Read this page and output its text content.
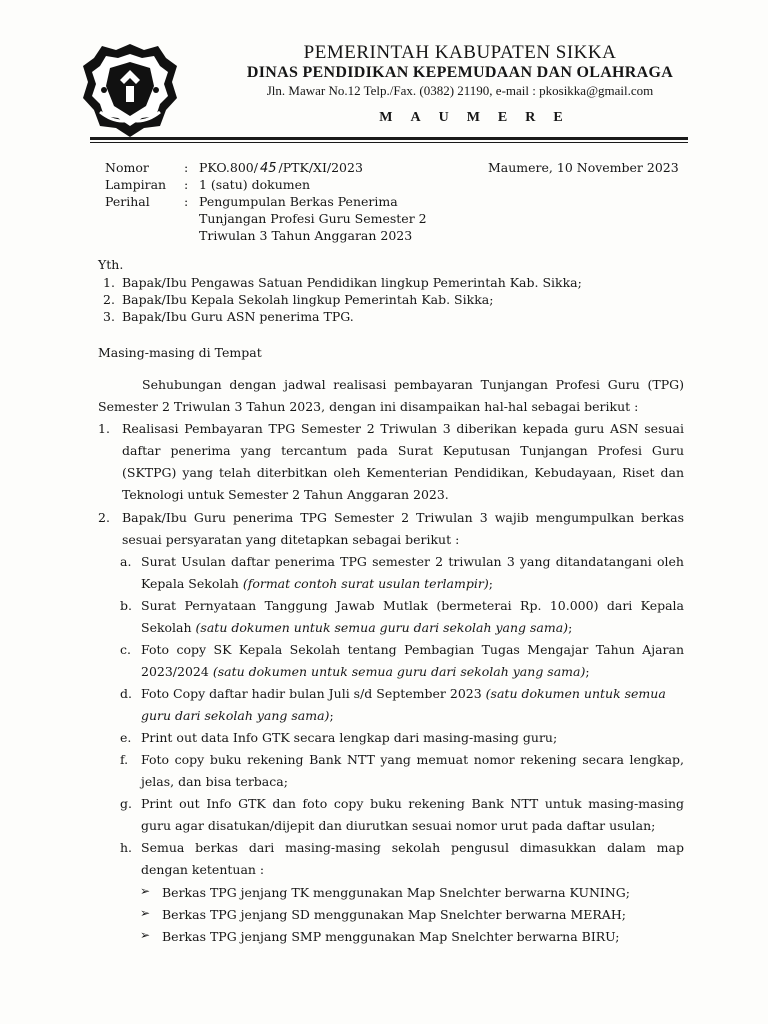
PEMERINTAH KABUPATEN SIKKA
DINAS PENDIDIKAN KEPEMUDAAN DAN OLAHRAGA
Jln. Mawar No.12 Telp./Fax. (0382) 21190, e-mail : pkosikka@gmail.com
MAUMERE
Nomor	: PKO.800/ 45 /PTK/XI/2023	Maumere, 10 November 2023
Lampiran : 1 (satu) dokumen
Perihal	: Pengumpulan Berkas Penerima
Tunjangan Profesi Guru Semester 2
Triwulan 3 Tahun Anggaran 2023
Yth.
1. Bapak/Ibu Pengawas Satuan Pendidikan lingkup Pemerintah Kab. Sikka;
2. Bapak/Ibu Kepala Sekolah lingkup Pemerintah Kab. Sikka;
3. Bapak/Ibu Guru ASN penerima TPG.
Masing-masing di Tempat
Sehubungan dengan jadwal realisasi pembayaran Tunjangan Profesi Guru (TPG)
Semester 2 Triwulan 3 Tahun 2023, dengan ini disampaikan hal-hal sebagai berikut :
1. Realisasi Pembayaran TPG Semester 2 Triwulan 3 diberikan kepada guru ASN sesuai
daftar penerima yang tercantum pada Surat Keputusan Tunjangan Profesi Guru
(SKTPG) yang telah diterbitkan oleh Kementerian Pendidikan, Kebudayaan, Riset dan
Teknologi untuk Semester 2 Tahun Anggaran 2023.
2. Bapak/Ibu Guru penerima TPG Semester 2 Triwulan 3 wajib mengumpulkan berkas
sesuai persyaratan yang ditetapkan sebagai berikut :
a. Surat Usulan daftar penerima TPG semester 2 triwulan 3 yang ditandatangani oleh
Kepala Sekolah (format contoh surat usulan terlampir);
b. Surat Pernyataan Tanggung Jawab Mutlak (bermeterai Rp. 10.000) dari Kepala
Sekolah (satu dokumen untuk semua guru dari sekolah yang sama);
c. Foto copy SK Kepala Sekolah tentang Pembagian Tugas Mengajar Tahun Ajaran
2023/2024 (satu dokumen untuk semua guru dari sekolah yang sama);
d. Foto Copy daftar hadir bulan Juli s/d September 2023 (satu dokumen untuk semua
guru dari sekolah yang sama);
e. Print out data Info GTK secara lengkap dari masing-masing guru;
f. Foto copy buku rekening Bank NTT yang memuat nomor rekening secara lengkap,
jelas, dan bisa terbaca;
g. Print out Info GTK dan foto copy buku rekening Bank NTT untuk masing-masing
guru agar disatukan/dijepit dan diurutkan sesuai nomor urut pada daftar usulan;
h. Semua berkas dari masing-masing sekolah pengusul dimasukkan dalam map
dengan ketentuan :
➢ Berkas TPG jenjang TK menggunakan Map Snelchter berwarna KUNING;
➢ Berkas TPG jenjang SD menggunakan Map Snelchter berwarna MERAH;
➢ Berkas TPG jenjang SMP menggunakan Map Snelchter berwarna BIRU;
